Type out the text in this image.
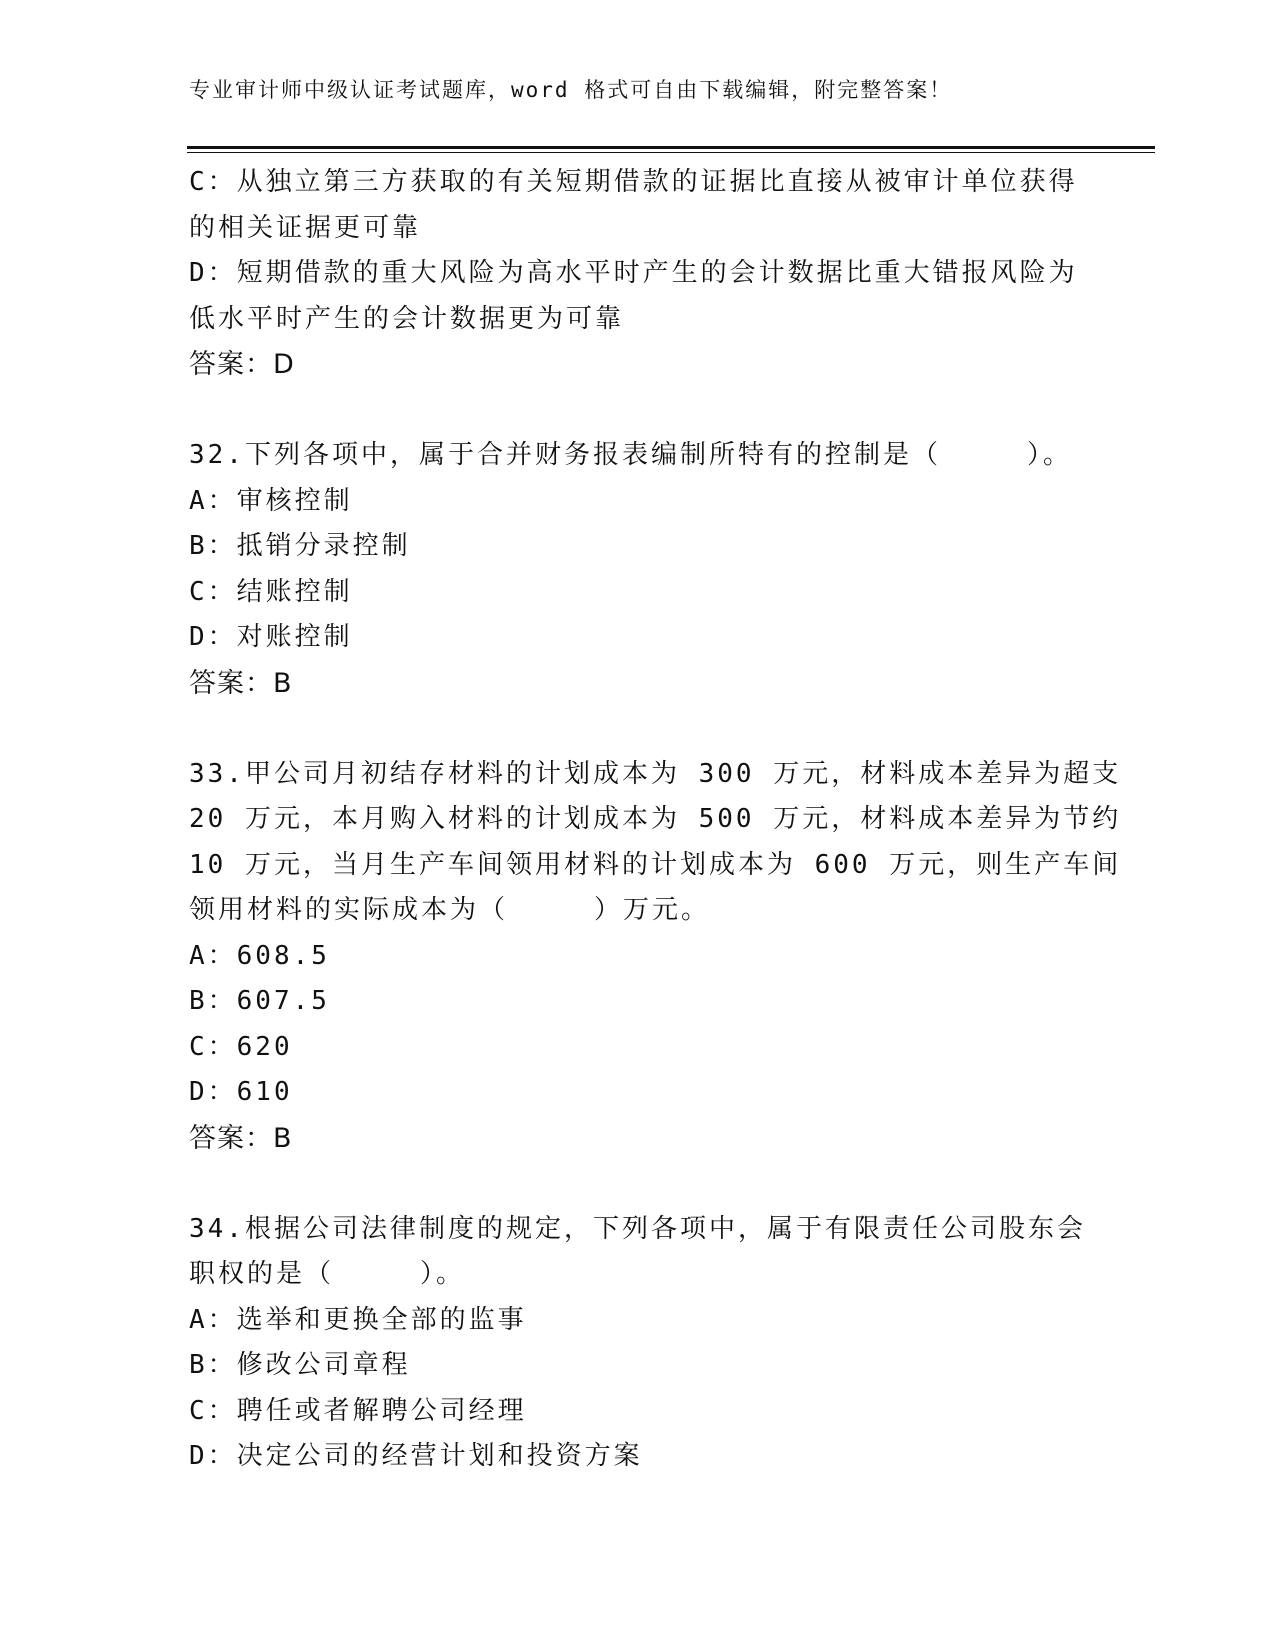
专业审计师中级认证考试题库，word 格式可自由下载编辑，附完整答案！
C：从独立第三方获取的有关短期借款的证据比直接从被审计单位获得
的相关证据更可靠
D：短期借款的重大风险为高水平时产生的会计数据比重大错报风险为
低水平时产生的会计数据更为可靠
答案：D
32.下列各项中，属于合并财务报表编制所特有的控制是（	）。
A：审核控制
B：抵销分录控制
C：结账控制
D：对账控制
答案：B
33.甲公司月初结存材料的计划成本为 300 万元，材料成本差异为超支
20 万元，本月购入材料的计划成本为 500 万元，材料成本差异为节约
10 万元，当月生产车间领用材料的计划成本为 600 万元，则生产车间
领用材料的实际成本为（	）万元。
A：608.5
B：607.5
C：620
D：610
答案：B
34.根据公司法律制度的规定，下列各项中，属于有限责任公司股东会
职权的是（	）。
A：选举和更换全部的监事
B：修改公司章程
C：聘任或者解聘公司经理
D：决定公司的经营计划和投资方案
